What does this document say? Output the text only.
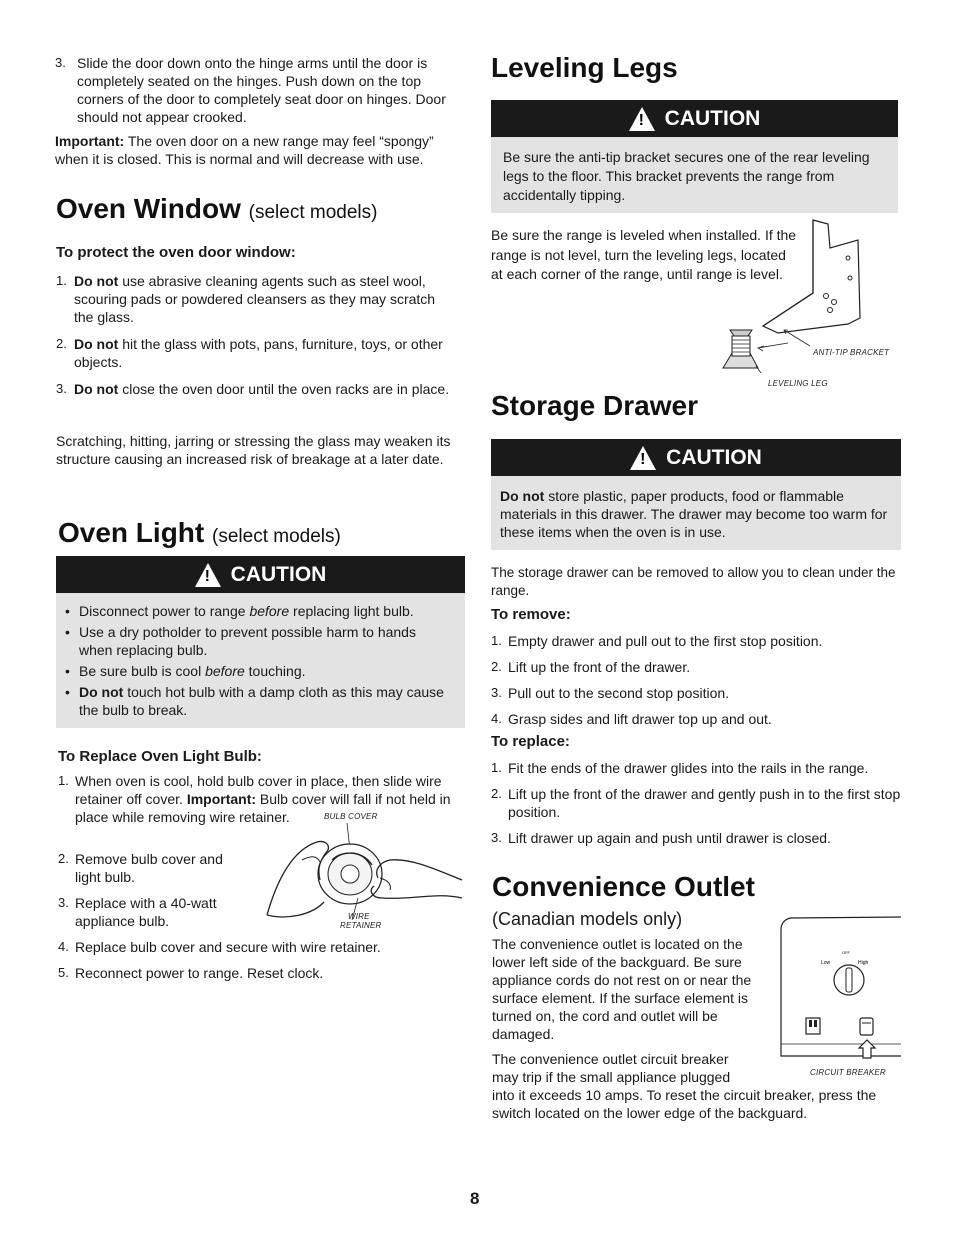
3. Slide the door down onto the hinge arms until the door is completely seated on the hinges. Push down on the top corners of the door to completely seat door on hinges. Door should not appear crooked.

Important: The oven door on a new range may feel “spongy” when it is closed. This is normal and will decrease with use.

Oven Window (select models)

To protect the oven door window:

1. Do not use abrasive cleaning agents such as steel wool, scouring pads or powdered cleansers as they may scratch the glass.
2. Do not hit the glass with pots, pans, furniture, toys, or other objects.
3. Do not close the oven door until the oven racks are in place.

Scratching, hitting, jarring or stressing the glass may weaken its structure causing an increased risk of breakage at a later date.

Oven Light (select models)
! CAUTION
• Disconnect power to range before replacing light bulb.
• Use a dry potholder to prevent possible harm to hands when replacing bulb.
• Be sure bulb is cool before touching.
• Do not touch hot bulb with a damp cloth as this may cause the bulb to break.

To Replace Oven Light Bulb:

1. When oven is cool, hold bulb cover in place, then slide wire retainer off cover. Important: Bulb cover will fall if not held in place while removing wire retainer.
2. Remove bulb cover and light bulb.
3. Replace with a 40-watt appliance bulb.
4. Replace bulb cover and secure with wire retainer.
5. Reconnect power to range. Reset clock.
BULB COVER
WIRE
RETAINER
Leveling Legs
! CAUTION

Be sure the anti-tip bracket secures one of the rear leveling legs to the floor. This bracket prevents the range from accidentally tipping.

Be sure the range is leveled when installed. If the range is not level, turn the leveling legs, located at each corner of the range, until range is level.

ANTI-TIP BRACKET
LEVELING LEG
Storage Drawer
! CAUTION

Do not store plastic, paper products, food or flammable materials in this drawer. The drawer may become too warm for these items when the oven is in use.

The storage drawer can be removed to allow you to clean under the range.

To remove:

1. Empty drawer and pull out to the first stop position.
2. Lift up the front of the drawer.
3. Pull out to the second stop position.
4. Grasp sides and lift drawer top up and out.

To replace:

1. Fit the ends of the drawer glides into the rails in the range.
2. Lift up the front of the drawer and gently push in to the first stop position.
3. Lift drawer up again and push until drawer is closed.
Convenience Outlet

(Canadian models only)

The convenience outlet is located on the lower left side of the backguard. Be sure appliance cords do not rest on or near the surface element. If the surface element is turned on, the cord and outlet will be damaged.

The convenience outlet circuit breaker may trip if the small appliance plugged

into it exceeds 10 amps. To reset the circuit breaker, press the switch located on the lower edge of the backguard.

OFF
Low	High
CIRCUIT BREAKER
8
